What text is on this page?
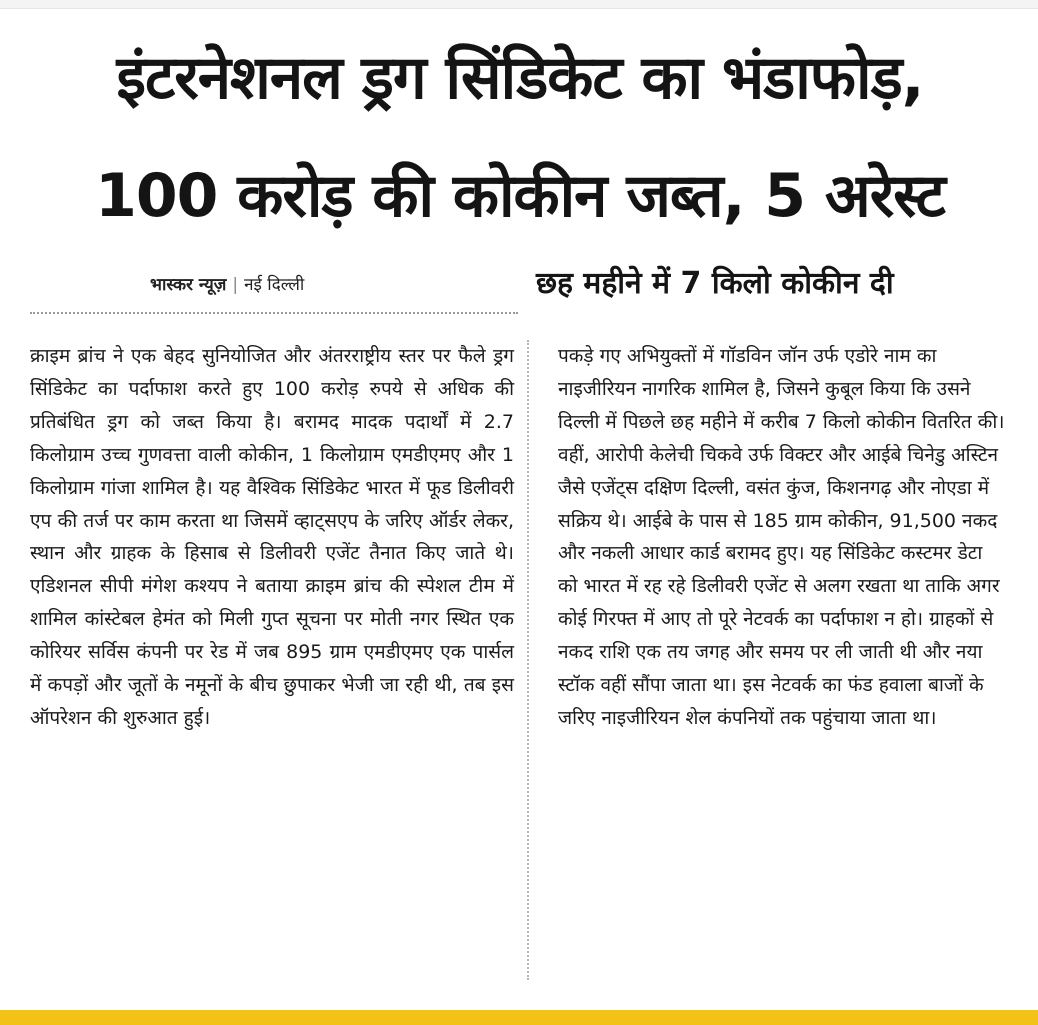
इंटरनेशनल ड्रग सिंडिकेट का भंडाफोड़,
100 करोड़ की कोकीन जब्त, 5 अरेस्ट
भास्कर न्यूज़ | नई दिल्ली	छह महीने में 7 किलो कोकीन दी

क्राइम ब्रांच ने एक बेहद सुनियोजित और अंतरराष्ट्रीय स्तर पर फैले ड्रग सिंडिकेट का पर्दाफाश करते हुए 100 करोड़ रुपये से अधिक की प्रतिबंधित ड्रग को जब्त किया है। बरामद मादक पदार्थों में 2.7 किलोग्राम उच्च गुणवत्ता वाली कोकीन, 1 किलोग्राम एमडीएमए और 1 किलोग्राम गांजा शामिल है। यह वैश्विक सिंडिकेट भारत में फूड डिलीवरी एप की तर्ज पर काम करता था जिसमें व्हाट्सएप के जरिए ऑर्डर लेकर, स्थान और ग्राहक के हिसाब से डिलीवरी एजेंट तैनात किए जाते थे। एडिशनल सीपी मंगेश कश्यप ने बताया क्राइम ब्रांच की स्पेशल टीम में शामिल कांस्टेबल हेमंत को मिली गुप्त सूचना पर मोती नगर स्थित एक कोरियर सर्विस कंपनी पर रेड में जब 895 ग्राम एमडीएमए एक पार्सल में कपड़ों और जूतों के नमूनों के बीच छुपाकर भेजी जा रही थी, तब इस ऑपरेशन की शुरुआत हुई।

पकड़े गए अभियुक्तों में गॉडविन जॉन उर्फ एडोरे नाम का नाइजीरियन नागरिक शामिल है, जिसने कुबूल किया कि उसने दिल्ली में पिछले छह महीने में करीब 7 किलो कोकीन वितरित की। वहीं, आरोपी केलेची चिकवे उर्फ विक्टर और आईबे चिनेडु अस्टिन जैसे एजेंट्स दक्षिण दिल्ली, वसंत कुंज, किशनगढ़ और नोएडा में सक्रिय थे। आईबे के पास से 185 ग्राम कोकीन, 91,500 नकद और नकली आधार कार्ड बरामद हुए। यह सिंडिकेट कस्टमर डेटा को भारत में रह रहे डिलीवरी एजेंट से अलग रखता था ताकि अगर कोई गिरफ्त में आए तो पूरे नेटवर्क का पर्दाफाश न हो। ग्राहकों से नकद राशि एक तय जगह और समय पर ली जाती थी और नया स्टॉक वहीं सौंपा जाता था। इस नेटवर्क का फंड हवाला बाजों के जरिए नाइजीरियन शेल कंपनियों तक पहुंचाया जाता था।
